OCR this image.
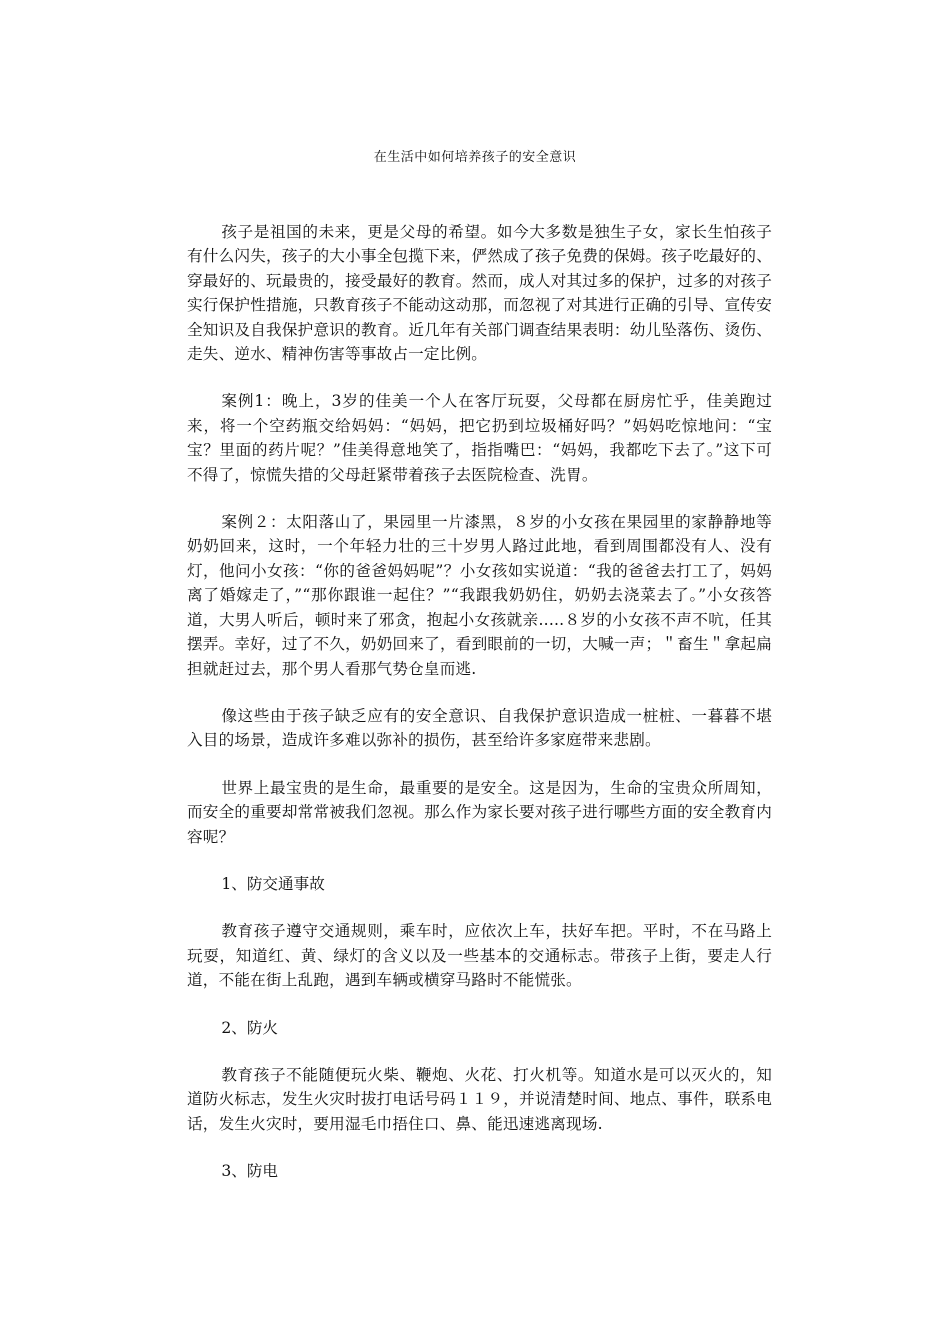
在生活中如何培养孩子的安全意识

孩子是祖国的未来，更是父母的希望。如今大多数是独生子女，家长生怕孩子有什么闪失，孩子的大小事全包揽下来，俨然成了孩子免费的保姆。孩子吃最好的、穿最好的、玩最贵的，接受最好的教育。然而，成人对其过多的保护，过多的对孩子实行保护性措施，只教育孩子不能动这动那，而忽视了对其进行正确的引导、宣传安全知识及自我保护意识的教育。近几年有关部门调查结果表明：幼儿坠落伤、烫伤、走失、逆水、精神伤害等事故占一定比例。

案例1：晚上，3岁的佳美一个人在客厅玩耍，父母都在厨房忙乎，佳美跑过来，将一个空药瓶交给妈妈：“妈妈，把它扔到垃圾桶好吗？”妈妈吃惊地问：“宝宝？里面的药片呢？”佳美得意地笑了，指指嘴巴：“妈妈，我都吃下去了。”这下可不得了，惊慌失措的父母赶紧带着孩子去医院检查、洗胃。

案例２：太阳落山了，果园里一片漆黑，８岁的小女孩在果园里的家静静地等奶奶回来，这时，一个年轻力壮的三十岁男人路过此地，看到周围都没有人、没有灯，他问小女孩：“你的爸爸妈妈呢”？小女孩如实说道：“我的爸爸去打工了，妈妈离了婚嫁走了，”“那你跟谁一起住？”“我跟我奶奶住，奶奶去浇菜去了。”小女孩答道，大男人听后，顿时来了邪贪，抱起小女孩就亲.....８岁的小女孩不声不吭，任其摆弄。幸好，过了不久，奶奶回来了，看到眼前的一切，大喊一声；＂畜生＂拿起扁担就赶过去，那个男人看那气势仓皇而逃.

像这些由于孩子缺乏应有的安全意识、自我保护意识造成一桩桩、一暮暮不堪入目的场景，造成许多难以弥补的损伤，甚至给许多家庭带来悲剧。

世界上最宝贵的是生命，最重要的是安全。这是因为，生命的宝贵众所周知，而安全的重要却常常被我们忽视。那么作为家长要对孩子进行哪些方面的安全教育内容呢？

1、防交通事故

教育孩子遵守交通规则，乘车时，应依次上车，扶好车把。平时，不在马路上玩耍，知道红、黄、绿灯的含义以及一些基本的交通标志。带孩子上街，要走人行道，不能在街上乱跑，遇到车辆或横穿马路时不能慌张。

2、防火

教育孩子不能随便玩火柴、鞭炮、火花、打火机等。知道水是可以灭火的，知道防火标志，发生火灾时拔打电话号码１１９，并说清楚时间、地点、事件，联系电话，发生火灾时，要用湿毛巾捂住口、鼻、能迅速逃离现场.

3、防电
